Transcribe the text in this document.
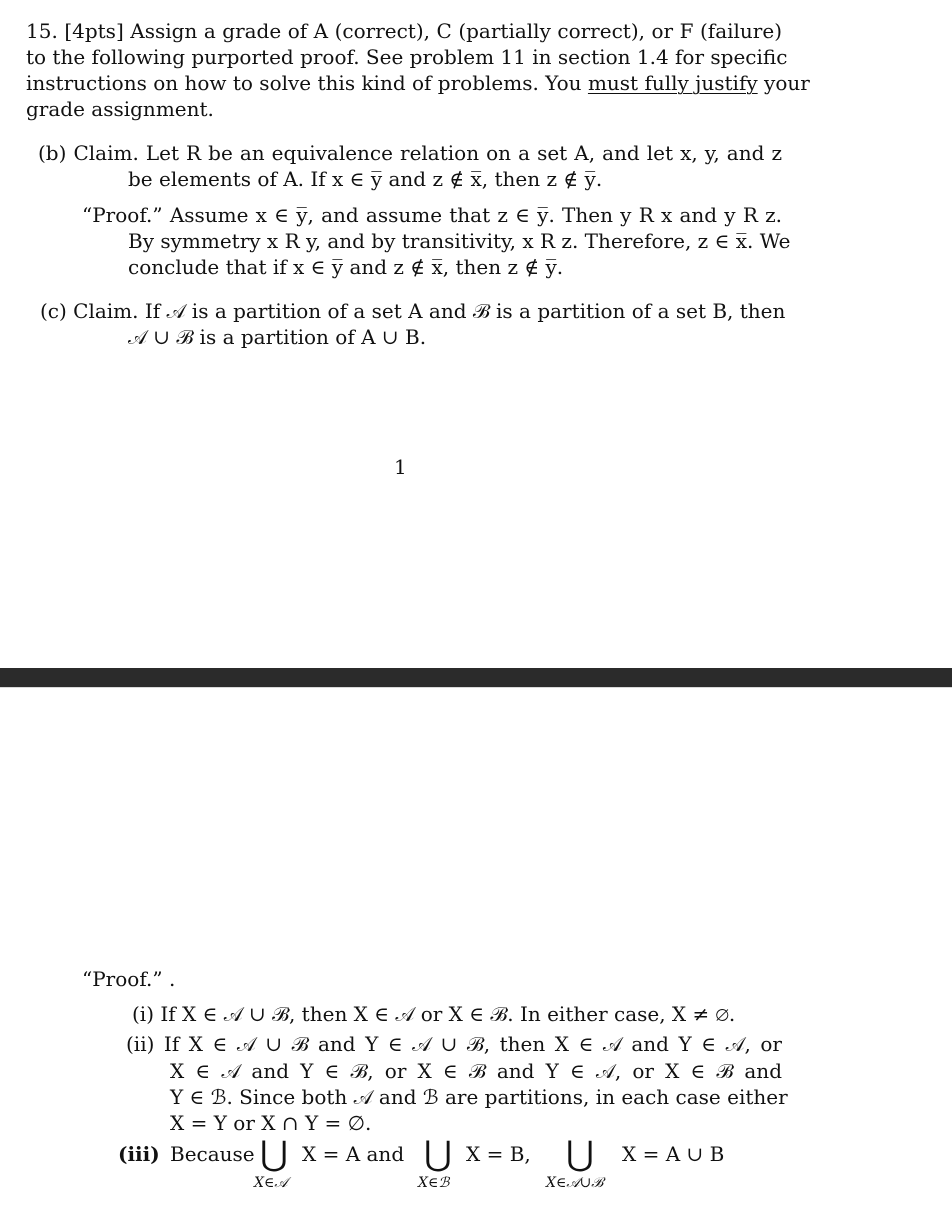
15. [4pts] Assign a grade of A (correct), C (partially correct), or F (failure)
to the following purported proof. See problem 11 in section 1.4 for specific
instructions on how to solve this kind of problems. You must fully justify your
grade assignment.
(b) Claim. Let R be an equivalence relation on a set A, and let x, y, and z
be elements of A. If x ∈ y̅ and z ∉ x̅, then z ∉ y̅.
“Proof.” Assume x ∈ y̅, and assume that z ∈ y̅. Then y R x and y R z.
By symmetry x R y, and by transitivity, x R z. Therefore, z ∈ x̅. We
conclude that if x ∈ y̅ and z ∉ x̅, then z ∉ y̅.
(c) Claim. If 𝒜 is a partition of a set A and ℬ is a partition of a set B, then
𝒜 ∪ ℬ is a partition of A ∪ B.
1
“Proof.” .
(i) If X ∈ 𝒜 ∪ ℬ, then X ∈ 𝒜 or X ∈ ℬ. In either case, X ≠ ∅.
(ii) If X ∈ 𝒜 ∪ ℬ and Y ∈ 𝒜 ∪ ℬ, then X ∈ 𝒜 and Y ∈ 𝒜, or
X ∈ 𝒜 and Y ∈ ℬ, or X ∈ ℬ and Y ∈ 𝒜, or X ∈ ℬ and
Y ∈ ℬ. Since both 𝒜 and ℬ are partitions, in each case either
X = Y or X ∩ Y = ∅.
(iii) Because ⋃ X = A and
X∈𝒜
⋃ X = B,
X∈ℬ
⋃ X = A ∪ B
X∈𝒜∪ℬ
